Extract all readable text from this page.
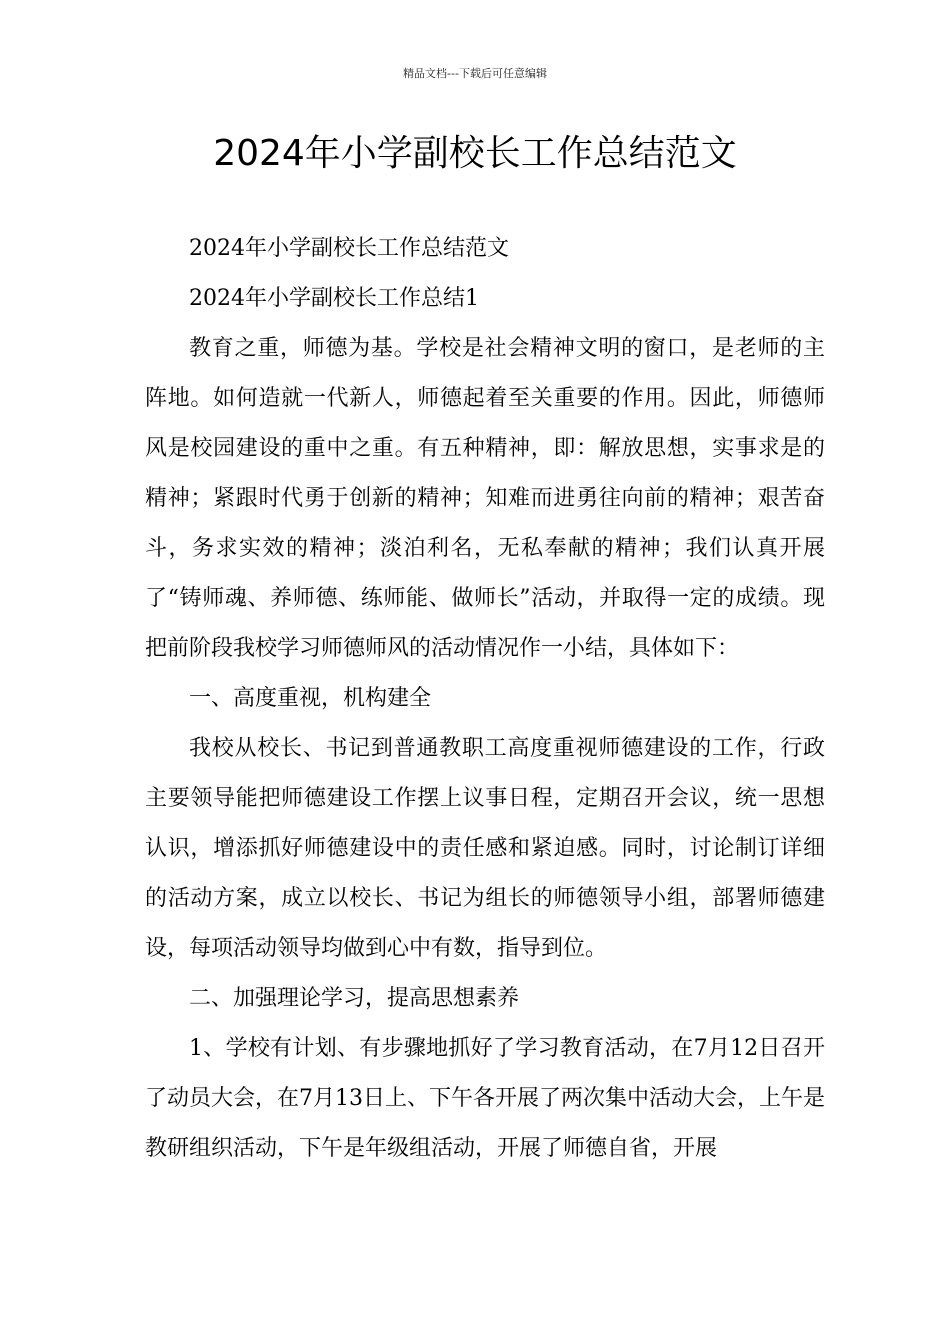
精品文档---下载后可任意编辑
2024年小学副校长工作总结范文

2024年小学副校长工作总结范文

2024年小学副校长工作总结1

教育之重，师德为基。学校是社会精神文明的窗口，是老师的主阵地。如何造就一代新人，师德起着至关重要的作用。因此，师德师风是校园建设的重中之重。有五种精神，即：解放思想，实事求是的精神；紧跟时代勇于创新的精神；知难而进勇往向前的精神；艰苦奋斗，务求实效的精神；淡泊利名，无私奉献的精神；我们认真开展了“铸师魂、养师德、练师能、做师长”活动，并取得一定的成绩。现把前阶段我校学习师德师风的活动情况作一小结，具体如下：

一、高度重视，机构建全

我校从校长、书记到普通教职工高度重视师德建设的工作，行政主要领导能把师德建设工作摆上议事日程，定期召开会议，统一思想认识，增添抓好师德建设中的责任感和紧迫感。同时，讨论制订详细的活动方案，成立以校长、书记为组长的师德领导小组，部署师德建设，每项活动领导均做到心中有数，指导到位。

二、加强理论学习，提高思想素养

1、学校有计划、有步骤地抓好了学习教育活动，在7月12日召开了动员大会，在7月13日上、下午各开展了两次集中活动大会，上午是教研组织活动，下午是年级组活动，开展了师德自省，开展
